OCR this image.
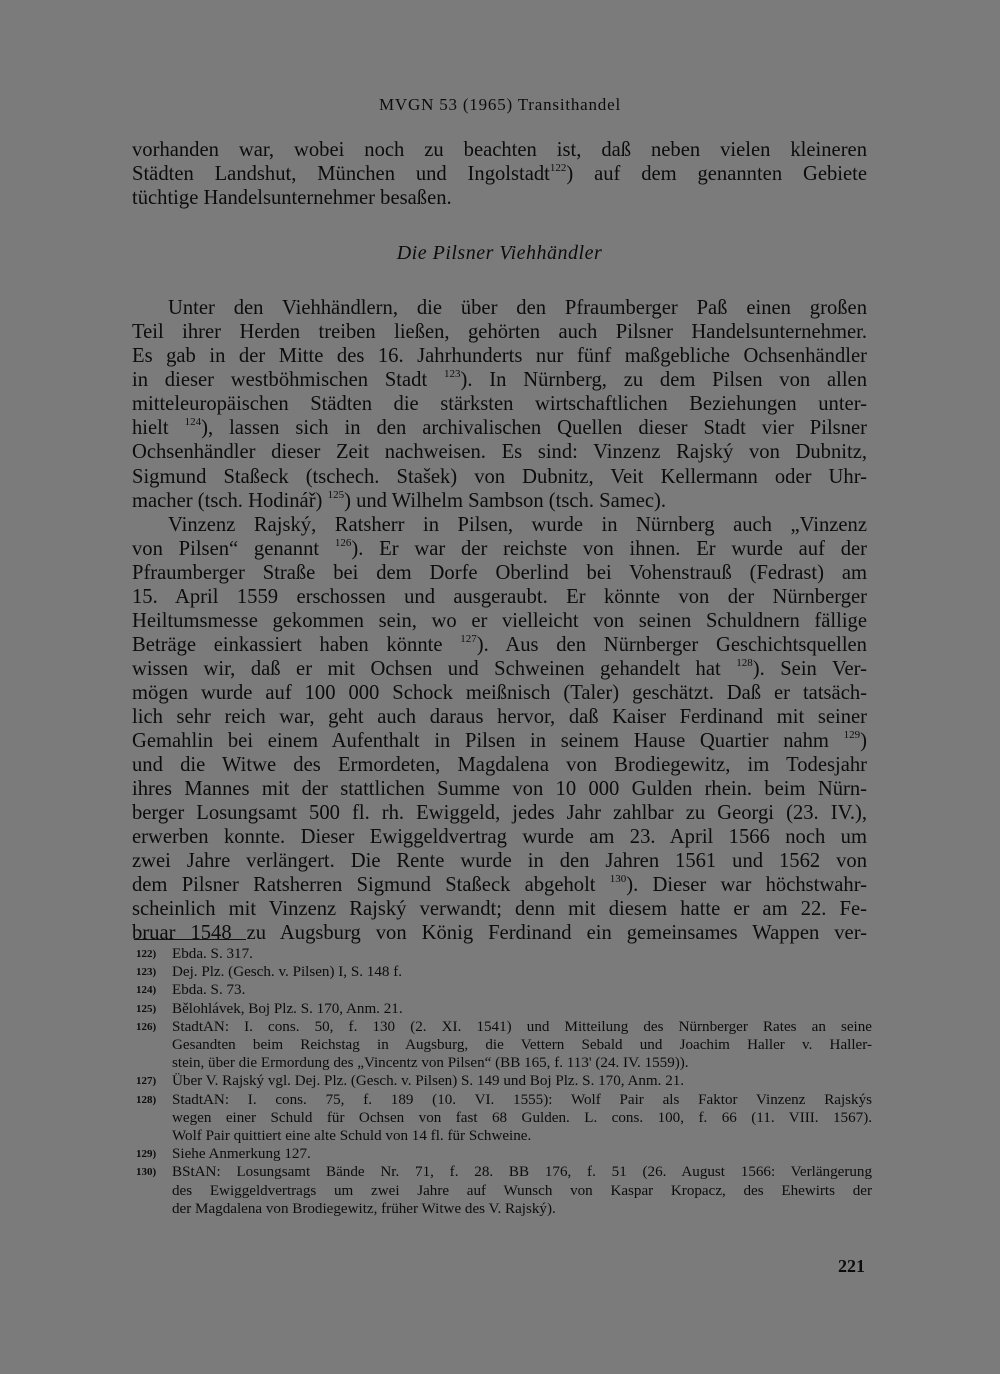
MVGN 53 (1965) Transithandel
vorhanden war, wobei noch zu beachten ist, daß neben vielen kleineren
Städten Landshut, München und Ingolstadt$^{122}$) auf dem genannten Gebiete
tüchtige Handelsunternehmer besaßen.
Die Pilsner Viehhändler
Unter den Viehhändlern, die über den Pfraumberger Paß einen großen
Teil ihrer Herden treiben ließen, gehörten auch Pilsner Handelsunternehmer.
Es gab in der Mitte des 16. Jahrhunderts nur fünf maßgebliche Ochsenhändler
in dieser westböhmischen Stadt $^{123}$). In Nürnberg, zu dem Pilsen von allen
mitteleuropäischen Städten die stärksten wirtschaftlichen Beziehungen unter-
hielt $^{124}$), lassen sich in den archivalischen Quellen dieser Stadt vier Pilsner
Ochsenhändler dieser Zeit nachweisen. Es sind: Vinzenz Rajský von Dubnitz,
Sigmund Staßeck (tschech. Stašek) von Dubnitz, Veit Kellermann oder Uhr-
macher (tsch. Hodinář) $^{125}$) und Wilhelm Sambson (tsch. Samec).
Vinzenz Rajský, Ratsherr in Pilsen, wurde in Nürnberg auch „Vinzenz
von Pilsen“ genannt $^{126}$). Er war der reichste von ihnen. Er wurde auf der
Pfraumberger Straße bei dem Dorfe Oberlind bei Vohenstrauß (Fedrast) am
15. April 1559 erschossen und ausgeraubt. Er könnte von der Nürnberger
Heiltumsmesse gekommen sein, wo er vielleicht von seinen Schuldnern fällige
Beträge einkassiert haben könnte $^{127}$). Aus den Nürnberger Geschichtsquellen
wissen wir, daß er mit Ochsen und Schweinen gehandelt hat $^{128}$). Sein Ver-
mögen wurde auf 100 000 Schock meißnisch (Taler) geschätzt. Daß er tatsäch-
lich sehr reich war, geht auch daraus hervor, daß Kaiser Ferdinand mit seiner
Gemahlin bei einem Aufenthalt in Pilsen in seinem Hause Quartier nahm $^{129}$)
und die Witwe des Ermordeten, Magdalena von Brodiegewitz, im Todesjahr
ihres Mannes mit der stattlichen Summe von 10 000 Gulden rhein. beim Nürn-
berger Losungsamt 500 fl. rh. Ewiggeld, jedes Jahr zahlbar zu Georgi (23. IV.),
erwerben konnte. Dieser Ewiggeldvertrag wurde am 23. April 1566 noch um
zwei Jahre verlängert. Die Rente wurde in den Jahren 1561 und 1562 von
dem Pilsner Ratsherren Sigmund Staßeck abgeholt $^{130}$). Dieser war höchstwahr-
scheinlich mit Vinzenz Rajský verwandt; denn mit diesem hatte er am 22. Fe-
bruar 1548 zu Augsburg von König Ferdinand ein gemeinsames Wappen ver-
122) Ebda. S. 317.
123) Dej. Plz. (Gesch. v. Pilsen) I, S. 148 f.
124) Ebda. S. 73.
125) Bělohlávek, Boj Plz. S. 170, Anm. 21.
126) StadtAN: I. cons. 50, f. 130 (2. XI. 1541) und Mitteilung des Nürnberger Rates an seine
Gesandten beim Reichstag in Augsburg, die Vettern Sebald und Joachim Haller v. Haller-
stein, über die Ermordung des „Vincentz von Pilsen“ (BB 165, f. 113' (24. IV. 1559)).
127) Über V. Rajský vgl. Dej. Plz. (Gesch. v. Pilsen) S. 149 und Boj Plz. S. 170, Anm. 21.
128) StadtAN: I. cons. 75, f. 189 (10. VI. 1555): Wolf Pair als Faktor Vinzenz Rajskýs
wegen einer Schuld für Ochsen von fast 68 Gulden. L. cons. 100, f. 66 (11. VIII. 1567).
Wolf Pair quittiert eine alte Schuld von 14 fl. für Schweine.
129) Siehe Anmerkung 127.
130) BStAN: Losungsamt Bände Nr. 71, f. 28. BB 176, f. 51 (26. August 1566: Verlängerung
des Ewiggeldvertrags um zwei Jahre auf Wunsch von Kaspar Kropacz, des Ehewirts der
der Magdalena von Brodiegewitz, früher Witwe des V. Rajský).
221
